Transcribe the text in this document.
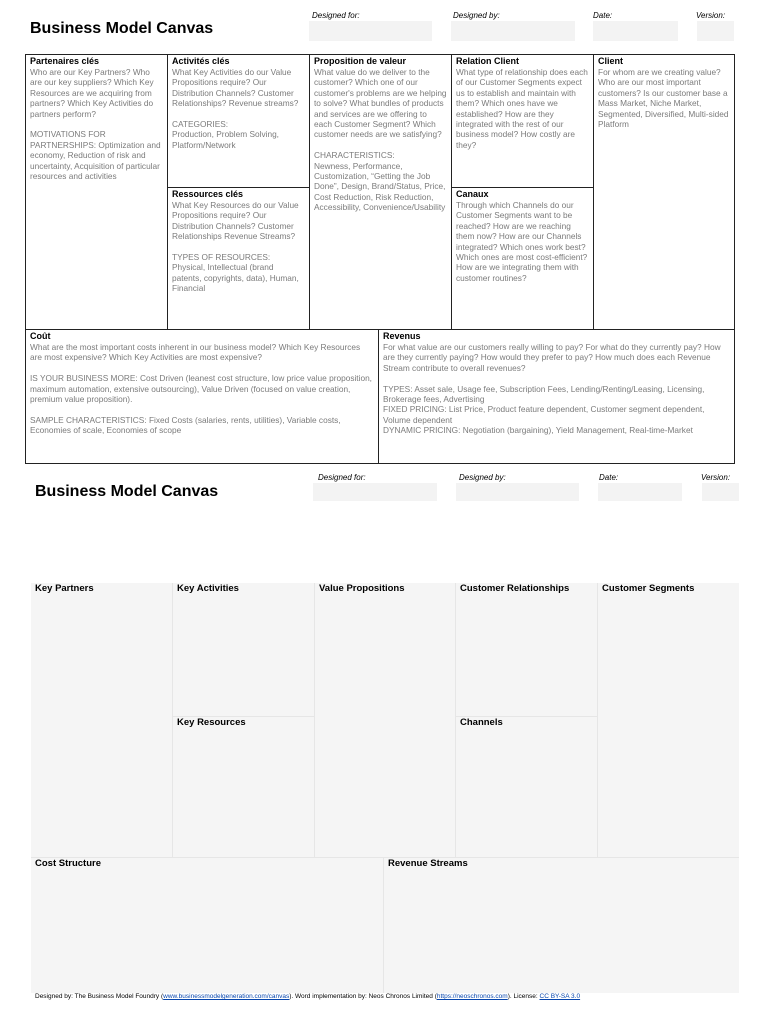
Business Model Canvas
Designed for:	Designed by:	Date:	Version:
Partenaires clés

Who are our Key Partners? Who are our key suppliers? Which Key Resources are we acquiring from partners? Which Key Activities do partners perform?

MOTIVATIONS FOR PARTNERSHIPS: Optimization and economy, Reduction of risk and uncertainty, Acquisition of particular resources and activities

Activités clés

What Key Activities do our Value Propositions require? Our Distribution Channels? Customer Relationships? Revenue streams?

CATEGORIES:
Production, Problem Solving, Platform/Network

Ressources clés

What Key Resources do our Value Propositions require? Our Distribution Channels? Customer Relationships Revenue Streams?

TYPES OF RESOURCES:
Physical, Intellectual (brand patents, copyrights, data), Human, Financial

Proposition de valeur

What value do we deliver to the customer? Which one of our customer's problems are we helping to solve? What bundles of products and services are we offering to each Customer Segment? Which customer needs are we satisfying?

CHARACTERISTICS:
Newness, Performance, Customization, “Getting the Job Done”, Design, Brand/Status, Price, Cost Reduction, Risk Reduction, Accessibility, Convenience/Usability

Relation Client

What type of relationship does each of our Customer Segments expect us to establish and maintain with them? Which ones have we established? How are they integrated with the rest of our business model? How costly are they?

Canaux

Through which Channels do our Customer Segments want to be reached? How are we reaching them now? How are our Channels integrated? Which ones work best? Which ones are most cost-efficient? How are we integrating them with customer routines?

Client

For whom are we creating value? Who are our most important customers? Is our customer base a Mass Market, Niche Market, Segmented, Diversified, Multi-sided Platform

Coût

What are the most important costs inherent in our business model? Which Key Resources are most expensive? Which Key Activities are most expensive?

IS YOUR BUSINESS MORE: Cost Driven (leanest cost structure, low price value proposition, maximum automation, extensive outsourcing), Value Driven (focused on value creation, premium value proposition).

SAMPLE CHARACTERISTICS: Fixed Costs (salaries, rents, utilities), Variable costs, Economies of scale, Economies of scope

Revenus

For what value are our customers really willing to pay? For what do they currently pay? How are they currently paying? How would they prefer to pay? How much does each Revenue Stream contribute to overall revenues?

TYPES: Asset sale, Usage fee, Subscription Fees, Lending/Renting/Leasing, Licensing, Brokerage fees, Advertising
FIXED PRICING: List Price, Product feature dependent, Customer segment dependent, Volume dependent
DYNAMIC PRICING: Negotiation (bargaining), Yield Management, Real-time-Market

Business Model Canvas
Designed for:	Designed by:	Date:	Version:
Key Partners	Key Activities
Key Resources
Value Propositions	Customer Relationships
Channels
Customer Segments
Cost Structure	Revenue Streams
Designed by: The Business Model Foundry (www.businessmodelgeneration.com/canvas). Word implementation by: Neos Chronos Limited (https://neoschronos.com). License: CC BY-SA 3.0
